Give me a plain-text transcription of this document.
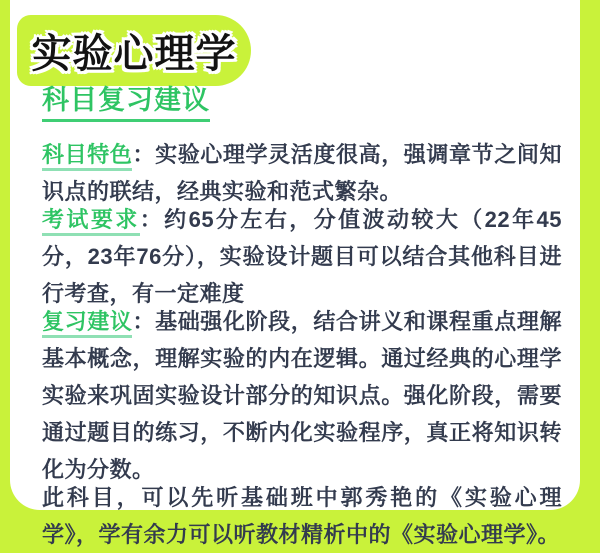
实验心理学
科目复习建议

科目特色：实验心理学灵活度很高，强调章节之间知识点的联结，经典实验和范式繁杂。

考试要求：约65分左右，分值波动较大（22年45分，23年76分），实验设计题目可以结合其他科目进行考查，有一定难度

复习建议：基础强化阶段，结合讲义和课程重点理解基本概念，理解实验的内在逻辑。通过经典的心理学实验来巩固实验设计部分的知识点。强化阶段，需要通过题目的练习，不断内化实验程序，真正将知识转化为分数。

此科目，可以先听基础班中郭秀艳的《实验心理学》，学有余力可以听教材精析中的《实验心理学》。
